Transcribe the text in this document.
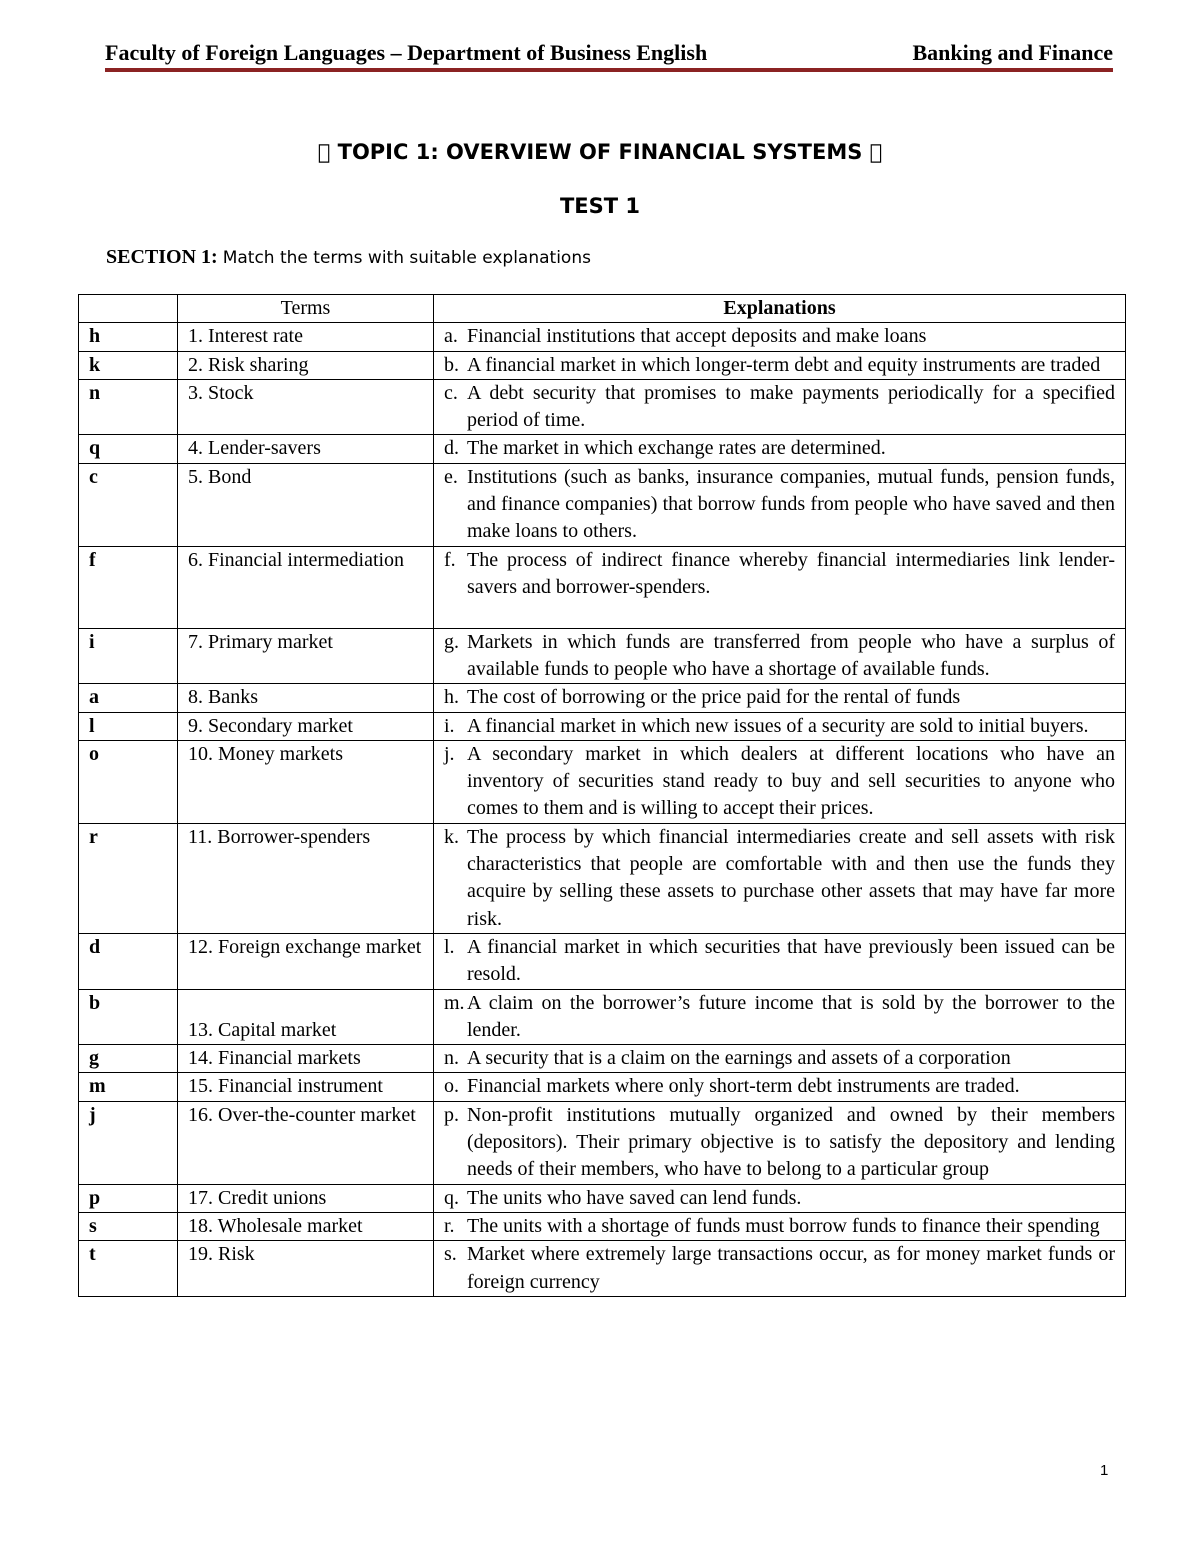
Faculty of Foreign Languages – Department of Business English	Banking and Finance
  TOPIC 1: OVERVIEW OF FINANCIAL SYSTEMS  
TEST 1
SECTION 1: Match the terms with suitable explanations
	Terms	Explanations
h	1. Interest rate	a. Financial institutions that accept deposits and make loans

k	2. Risk sharing	b. A financial market in which longer-term debt and equity instruments are traded

n	3. Stock	c. A debt security that promises to make payments periodically for a specified period of time.

q	4. Lender-savers	d. The market in which exchange rates are determined.

c	5. Bond	e. Institutions (such as banks, insurance companies, mutual funds, pension funds, and finance companies) that borrow funds from people who have saved and then make loans to others.

f	6. Financial intermediation	f. The process of indirect finance whereby financial intermediaries link lender-savers and borrower-spenders.

i	7. Primary market	g. Markets in which funds are transferred from people who have a surplus of available funds to people who have a shortage of available funds.

a	8. Banks	h. The cost of borrowing or the price paid for the rental of funds

l	9. Secondary market	i. A financial market in which new issues of a security are sold to initial buyers.

o	10. Money markets	j. A secondary market in which dealers at different locations who have an inventory of securities stand ready to buy and sell securities to anyone who comes to them and is willing to accept their prices.

r	11. Borrower-spenders	k. The process by which financial intermediaries create and sell assets with risk characteristics that people are comfortable with and then use the funds they acquire by selling these assets to purchase other assets that may have far more risk.

d	12. Foreign exchange market	l. A financial market in which securities that have previously been issued can be resold.

b	13. Capital market	m. A claim on the borrower’s future income that is sold by the borrower to the lender.

g	14. Financial markets	n. A security that is a claim on the earnings and assets of a corporation

m	15. Financial instrument	o. Financial markets where only short-term debt instruments are traded.

j	16. Over-the-counter market	p. Non-profit institutions mutually organized and owned by their members (depositors). Their primary objective is to satisfy the depository and lending needs of their members, who have to belong to a particular group

p	17. Credit unions	q. The units who have saved can lend funds.

s	18. Wholesale market	r. The units with a shortage of funds must borrow funds to finance their spending

t	19. Risk	s. Market where extremely large transactions occur, as for money market funds or foreign currency
1
